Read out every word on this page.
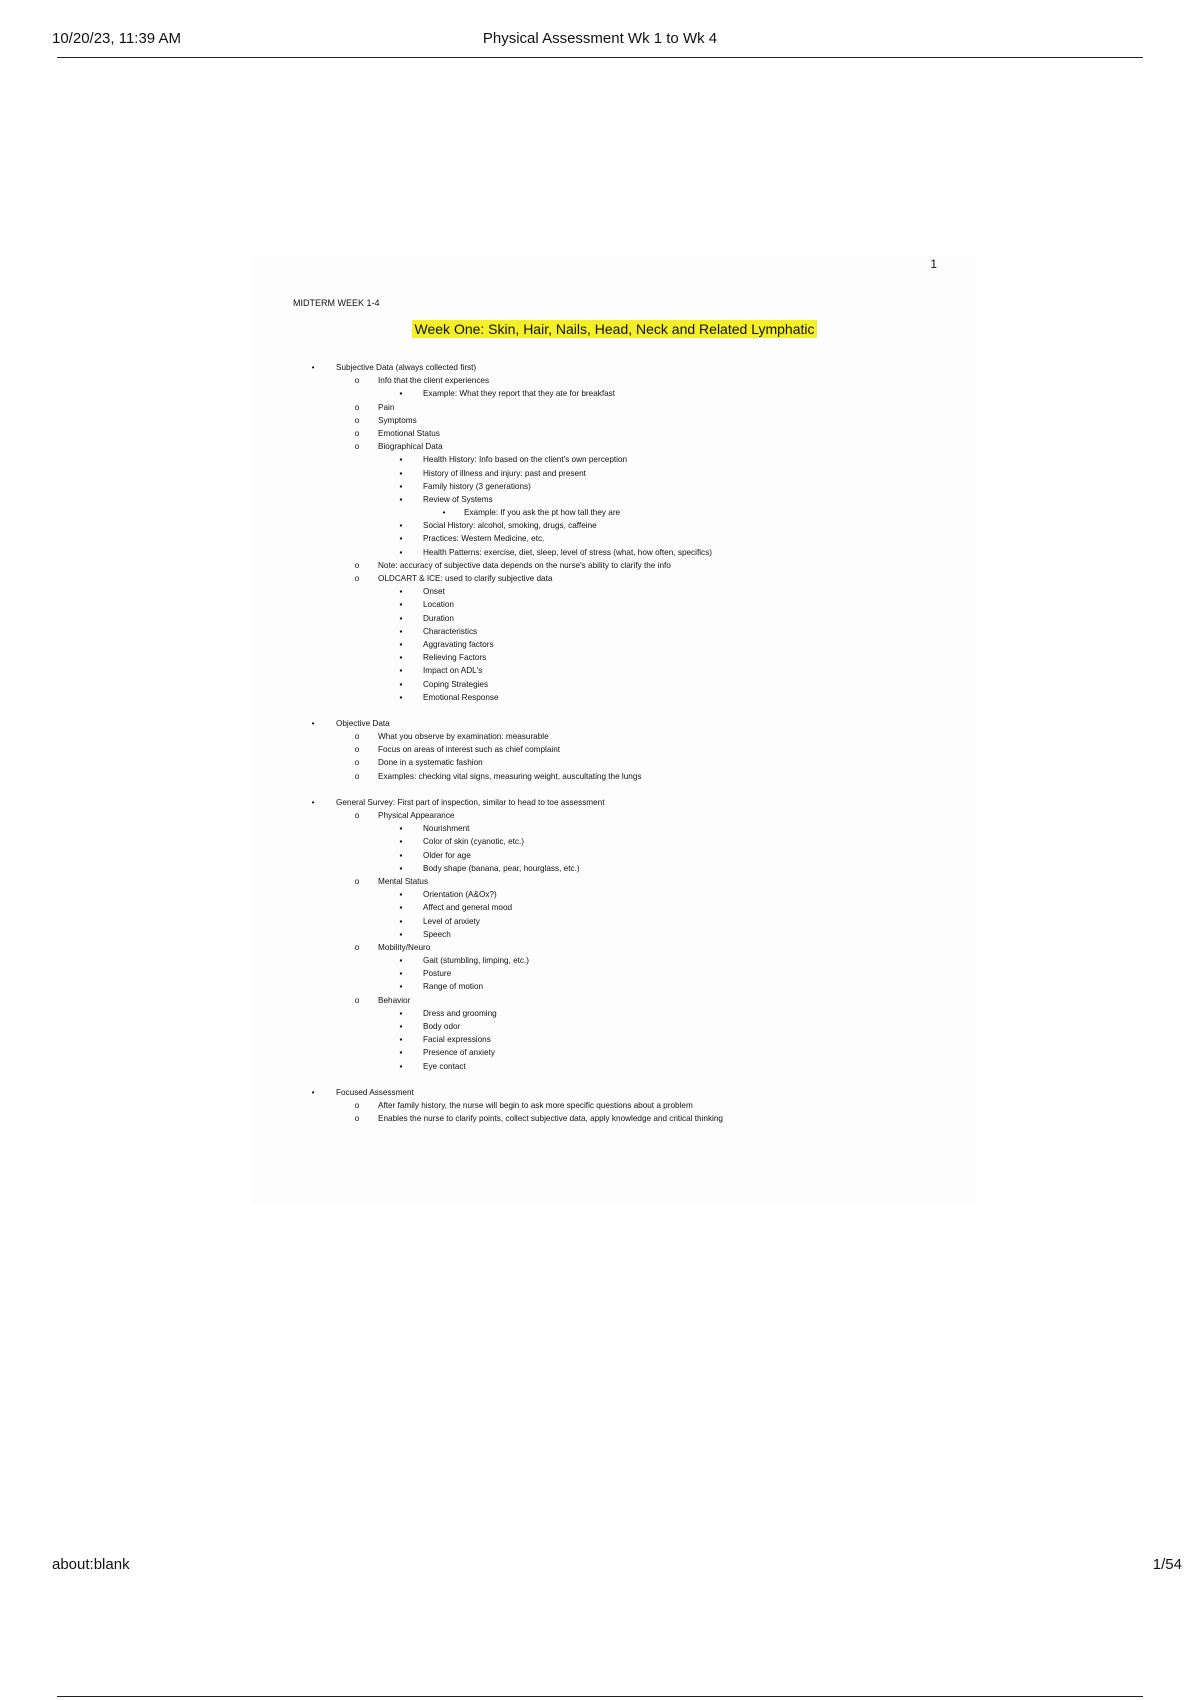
10/20/23, 11:39 AM	Physical Assessment Wk 1 to Wk 4
1
MIDTERM WEEK 1-4
Week One: Skin, Hair, Nails, Head, Neck and Related Lymphatic
•	Subjective Data (always collected first)
o	Info that the client experiences
▪	Example: What they report that they ate for breakfast
o	Pain
o	Symptoms
o	Emotional Status
o	Biographical Data
▪	Health History: Info based on the client's own perception
▪	History of illness and injury: past and present
▪	Family history (3 generations)
▪	Review of Systems
•	Example: If you ask the pt how tall they are
▪	Social History: alcohol, smoking, drugs, caffeine
▪	Practices: Western Medicine, etc.
▪	Health Patterns: exercise, diet, sleep, level of stress (what, how often, specifics)
o	Note: accuracy of subjective data depends on the nurse's ability to clarify the info
o	OLDCART & ICE: used to clarify subjective data
▪	Onset
▪	Location
▪	Duration
▪	Characteristics
▪	Aggravating factors
▪	Relieving Factors
▪	Impact on ADL's
▪	Coping Strategies
▪	Emotional Response
•	Objective Data
o	What you observe by examination: measurable
o	Focus on areas of interest such as chief complaint
o	Done in a systematic fashion
o	Examples: checking vital signs, measuring weight, auscultating the lungs
•	General Survey: First part of inspection, similar to head to toe assessment
o	Physical Appearance
▪	Nourishment
▪	Color of skin (cyanotic, etc.)
▪	Older for age
▪	Body shape (banana, pear, hourglass, etc.)
o	Mental Status
▪	Orientation (A&Ox?)
▪	Affect and general mood
▪	Level of anxiety
▪	Speech
o	Mobility/Neuro
▪	Gait (stumbling, limping, etc.)
▪	Posture
▪	Range of motion
o	Behavior
▪	Dress and grooming
▪	Body odor
▪	Facial expressions
▪	Presence of anxiety
▪	Eye contact
•	Focused Assessment
o	After family history, the nurse will begin to ask more specific questions about a problem
o	Enables the nurse to clarify points, collect subjective data, apply knowledge and critical thinking
about:blank	1/54
